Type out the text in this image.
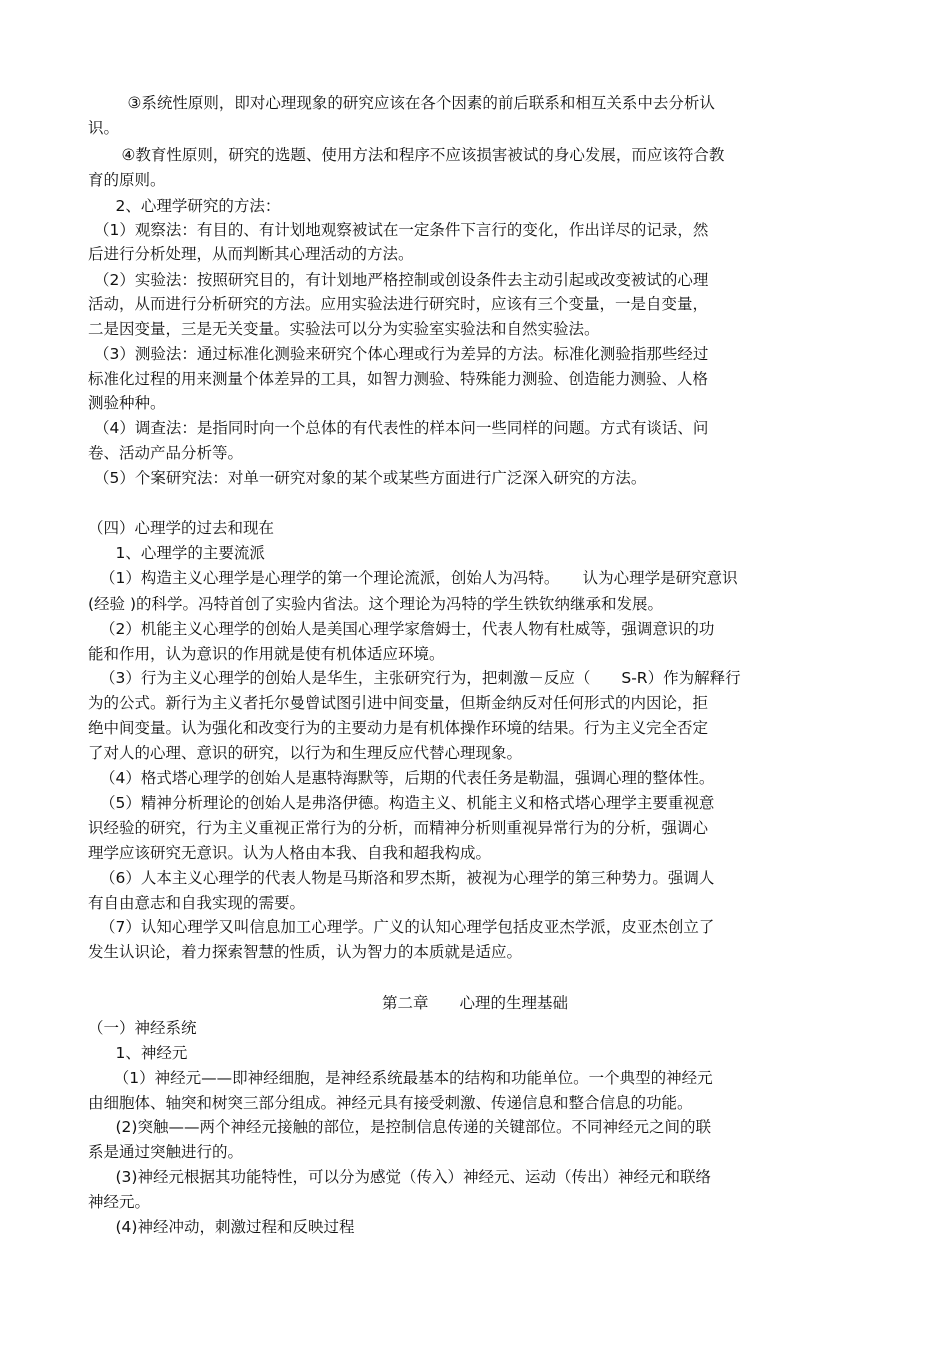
　③系统性原则，即对心理现象的研究应该在各个因素的前后联系和相互关系中去分析认
识。
　④教育性原则，研究的选题、使用方法和程序不应该损害被试的身心发展，而应该符合教
育的原则。
　2、心理学研究的方法：
（1）观察法：有目的、有计划地观察被试在一定条件下言行的变化，作出详尽的记录，然
后进行分析处理，从而判断其心理活动的方法。
（2）实验法：按照研究目的，有计划地严格控制或创设条件去主动引起或改变被试的心理
活动，从而进行分析研究的方法。应用实验法进行研究时，应该有三个变量，一是自变量，
二是因变量，三是无关变量。实验法可以分为实验室实验法和自然实验法。
（3）测验法：通过标准化测验来研究个体心理或行为差异的方法。标准化测验指那些经过
标准化过程的用来测量个体差异的工具，如智力测验、特殊能力测验、创造能力测验、人格
测验种种。
（4）调查法：是指同时向一个总体的有代表性的样本问一些同样的问题。方式有谈话、问
卷、活动产品分析等。
（5）个案研究法：对单一研究对象的某个或某些方面进行广泛深入研究的方法。
（四）心理学的过去和现在
　1、心理学的主要流派
（1）构造主义心理学是心理学的第一个理论流派，创始人为冯特。　　认为心理学是研究意识
(经验 )的科学。冯特首创了实验内省法。这个理论为冯特的学生铁钦纳继承和发展。
（2）机能主义心理学的创始人是美国心理学家詹姆士，代表人物有杜威等，强调意识的功
能和作用，认为意识的作用就是使有机体适应环境。
（3）行为主义心理学的创始人是华生，主张研究行为，把刺激－反应（　　S-R）作为解释行
为的公式。新行为主义者托尔曼曾试图引进中间变量，但斯金纳反对任何形式的内因论，拒
绝中间变量。认为强化和改变行为的主要动力是有机体操作环境的结果。行为主义完全否定
了对人的心理、意识的研究，以行为和生理反应代替心理现象。
（4）格式塔心理学的创始人是惠特海默等，后期的代表任务是勒温，强调心理的整体性。
（5）精神分析理论的创始人是弗洛伊德。构造主义、机能主义和格式塔心理学主要重视意
识经验的研究，行为主义重视正常行为的分析，而精神分析则重视异常行为的分析，强调心
理学应该研究无意识。认为人格由本我、自我和超我构成。
（6）人本主义心理学的代表人物是马斯洛和罗杰斯，被视为心理学的第三种势力。强调人
有自由意志和自我实现的需要。
（7）认知心理学又叫信息加工心理学。广义的认知心理学包括皮亚杰学派，皮亚杰创立了
发生认识论，着力探索智慧的性质，认为智力的本质就是适应。
第二章　　心理的生理基础
（一）神经系统
　1、神经元
　（1）神经元——即神经细胞，是神经系统最基本的结构和功能单位。一个典型的神经元
由细胞体、轴突和树突三部分组成。神经元具有接受刺激、传递信息和整合信息的功能。
　(2)突触——两个神经元接触的部位，是控制信息传递的关键部位。不同神经元之间的联
系是通过突触进行的。
　(3)神经元根据其功能特性，可以分为感觉（传入）神经元、运动（传出）神经元和联络
神经元。
　(4)神经冲动，刺激过程和反映过程
